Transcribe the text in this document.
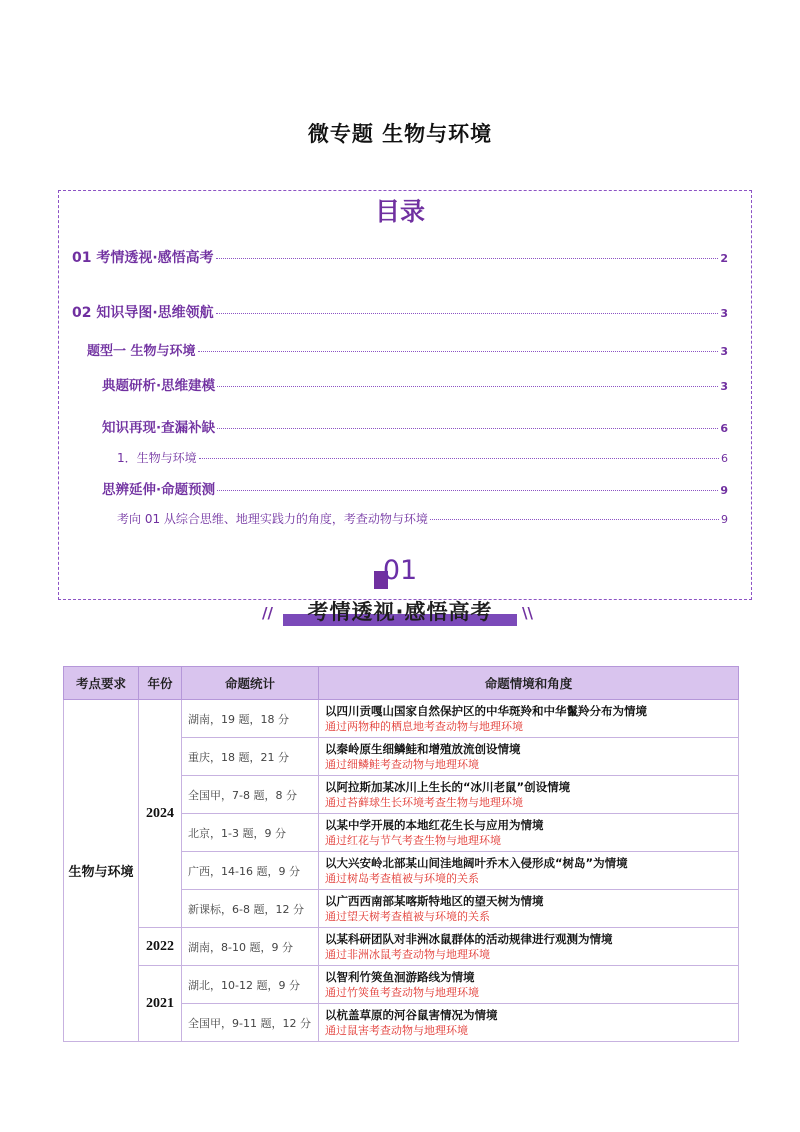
微专题 生物与环境
目录
01 考情透视·感悟高考	2
02 知识导图·思维领航	3
题型一 生物与环境	3
典题研析·思维建模	3
知识再现·查漏补缺	6
1．生物与环境	6
思辨延伸·命题预测	9
考向 01 从综合思维、地理实践力的角度，考查动物与环境	9
01
//	考情透视·感悟高考	\\
考点要求	年份	命题统计	命题情境和角度
生物与环境	2024	湖南，19 题，18 分	以四川贡嘎山国家自然保护区的中华斑羚和中华鬣羚分布为情境
通过两物种的栖息地考查动物与地理环境

		重庆，18 题，21 分	以秦岭原生细鳞鲑和增殖放流创设情境
通过细鳞鲑考查动物与地理环境

		全国甲，7-8 题，8 分	以阿拉斯加某冰川上生长的“冰川老鼠”创设情境
通过苔藓球生长环境考查生物与地理环境

		北京，1-3 题，9 分	以某中学开展的本地红花生长与应用为情境
通过红花与节气考查生物与地理环境

		广西，14-16 题，9 分	以大兴安岭北部某山间洼地阔叶乔木入侵形成“树岛”为情境
通过树岛考查植被与环境的关系

		新课标，6-8 题，12 分	以广西西南部某喀斯特地区的望天树为情境
通过望天树考查植被与环境的关系

	2022	湖南，8-10 题，9 分	以某科研团队对非洲冰鼠群体的活动规律进行观测为情境
通过非洲冰鼠考查动物与地理环境

	2021	湖北，10-12 题，9 分	以智利竹筴鱼洄游路线为情境
通过竹筴鱼考查动物与地理环境

		全国甲，9-11 题，12 分	以杭盖草原的河谷鼠害情况为情境
通过鼠害考查动物与地理环境
